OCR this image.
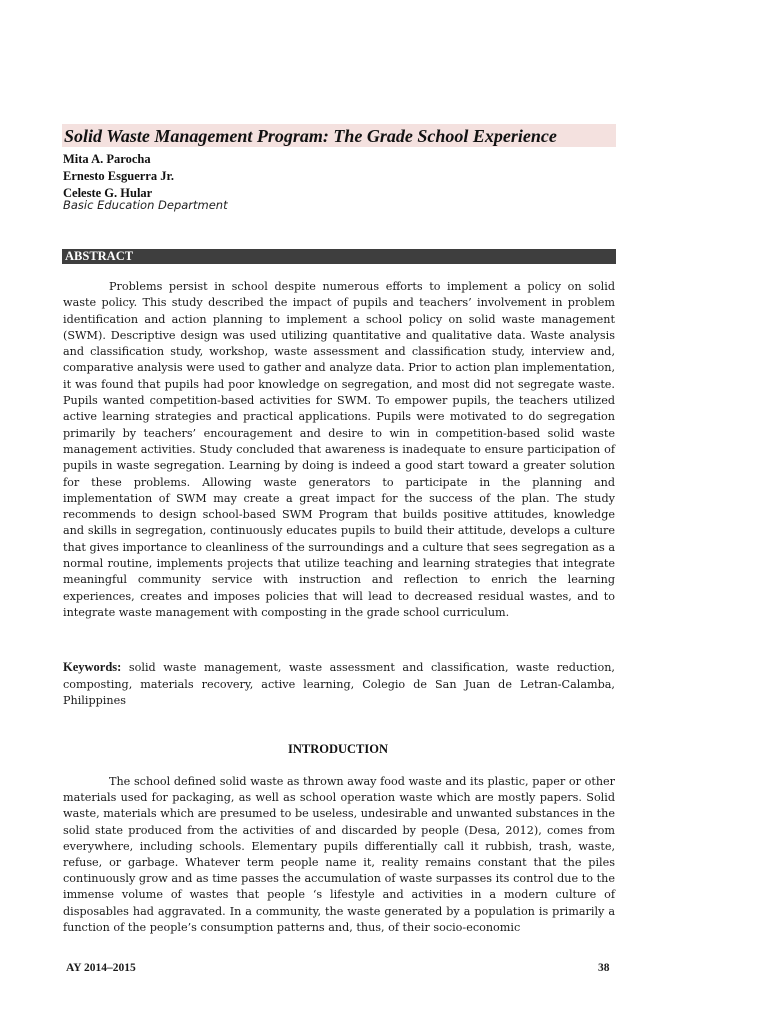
Solid Waste Management Program: The Grade School Experience
Mita A. Parocha
Ernesto Esguerra Jr.
Celeste G. Hular
Basic Education Department
ABSTRACT

Problems persist in school despite numerous efforts to implement a policy on solid waste policy. This study described the impact of pupils and teachers’ involvement in problem identification and action planning to implement a school policy on solid waste management (SWM). Descriptive design was used utilizing quantitative and qualitative data. Waste analysis and classification study, workshop, waste assessment and classification study, interview and, comparative analysis were used to gather and analyze data. Prior to action plan implementation, it was found that pupils had poor knowledge on segregation, and most did not segregate waste. Pupils wanted competition-based activities for SWM. To empower pupils, the teachers utilized active learning strategies and practical applications. Pupils were motivated to do segregation primarily by teachers’ encouragement and desire to win in competition-based solid waste management activities. Study concluded that awareness is inadequate to ensure participation of pupils in waste segregation. Learning by doing is indeed a good start toward a greater solution for these problems. Allowing waste generators to participate in the planning and implementation of SWM may create a great impact for the success of the plan. The study recommends to design school-based SWM Program that builds positive attitudes, knowledge and skills in segregation, continuously educates pupils to build their attitude, develops a culture that gives importance to cleanliness of the surroundings and a culture that sees segregation as a normal routine, implements projects that utilize teaching and learning strategies that integrate meaningful community service with instruction and reflection to enrich the learning experiences, creates and imposes policies that will lead to decreased residual wastes, and to integrate waste management with composting in the grade school curriculum.

Keywords: solid waste management, waste assessment and classification, waste reduction, composting, materials recovery, active learning, Colegio de San Juan de Letran-Calamba, Philippines

INTRODUCTION

The school defined solid waste as thrown away food waste and its plastic, paper or other materials used for packaging, as well as school operation waste which are mostly papers. Solid waste, materials which are presumed to be useless, undesirable and unwanted substances in the solid state produced from the activities of and discarded by people (Desa, 2012), comes from everywhere, including schools. Elementary pupils differentially call it rubbish, trash, waste, refuse, or garbage. Whatever term people name it, reality remains constant that the piles continuously grow and as time passes the accumulation of waste surpasses its control due to the immense volume of wastes that people ‘s lifestyle and activities in a modern culture of disposables had aggravated. In a community, the waste generated by a population is primarily a function of the people’s consumption patterns and, thus, of their socio-economic

AY 2014–2015	38
